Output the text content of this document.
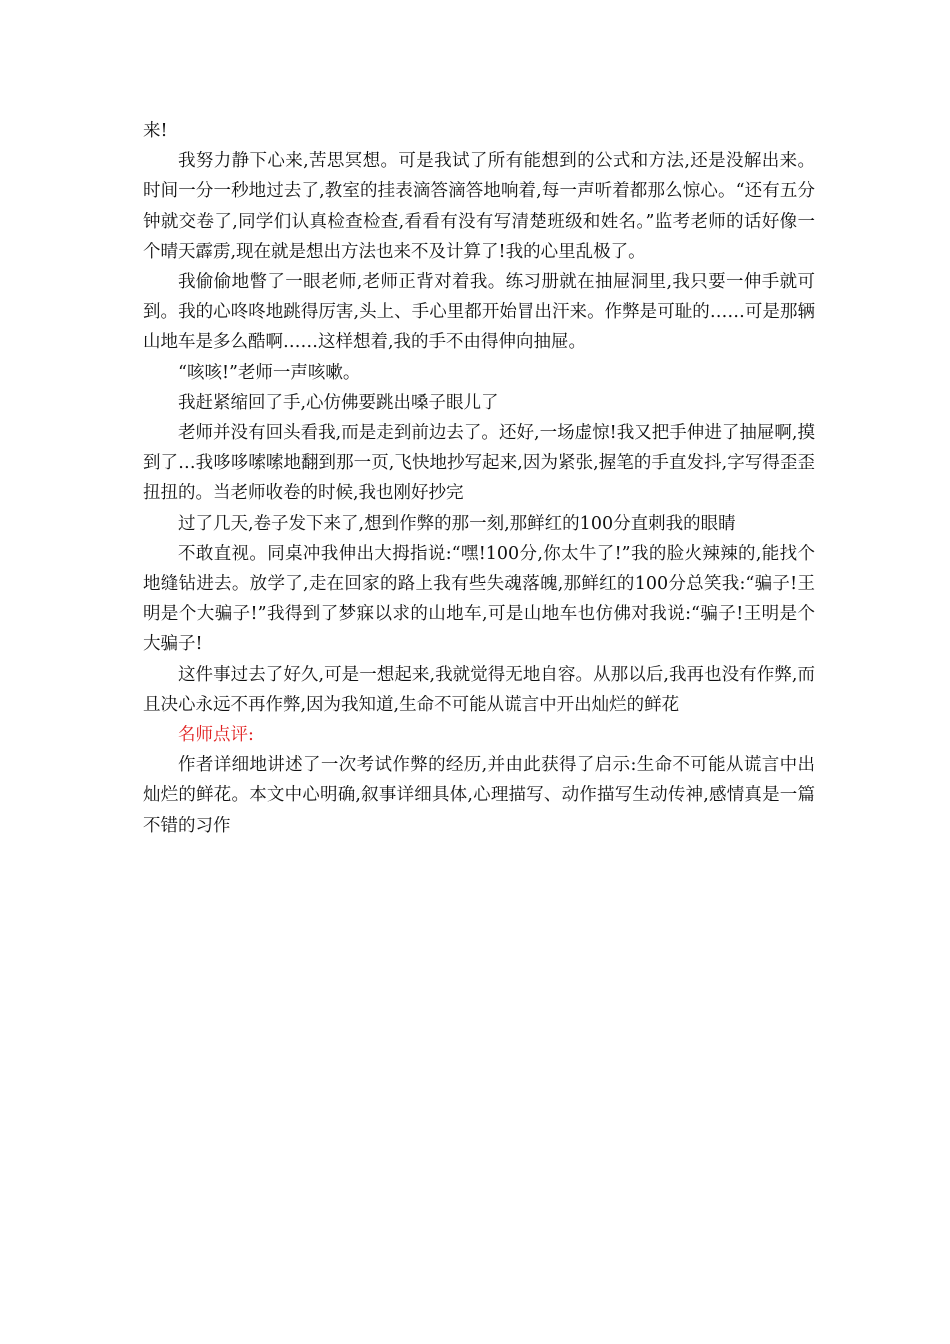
来!

我努力静下心来,苦思冥想。可是我试了所有能想到的公式和方法,还是没解出来。时间一分一秒地过去了,教室的挂表滴答滴答地响着,每一声听着都那么惊心。“还有五分钟就交卷了,同学们认真检查检查,看看有没有写清楚班级和姓名。”监考老师的话好像一个晴天霹雳,现在就是想出方法也来不及计算了!我的心里乱极了。

我偷偷地瞥了一眼老师,老师正背对着我。练习册就在抽屉洞里,我只要一伸手就可到。我的心咚咚地跳得厉害,头上、手心里都开始冒出汗来。作弊是可耻的……可是那辆山地车是多么酷啊……这样想着,我的手不由得伸向抽屉。

“咳咳!”老师一声咳嗽。

我赶紧缩回了手,心仿佛要跳出嗓子眼儿了

老师并没有回头看我,而是走到前边去了。还好,一场虚惊!我又把手伸进了抽屉啊,摸到了…我哆哆嗦嗦地翻到那一页,飞快地抄写起来,因为紧张,握笔的手直发抖,字写得歪歪扭扭的。当老师收卷的时候,我也刚好抄完

过了几天,卷子发下来了,想到作弊的那一刻,那鲜红的100分直刺我的眼睛

不敢直视。同桌冲我伸出大拇指说:“嘿!100分,你太牛了!”我的脸火辣辣的,能找个地缝钻进去。放学了,走在回家的路上我有些失魂落魄,那鲜红的100分总笑我:“骗子!王明是个大骗子!”我得到了梦寐以求的山地车,可是山地车也仿佛对我说:“骗子!王明是个大骗子!

这件事过去了好久,可是一想起来,我就觉得无地自容。从那以后,我再也没有作弊,而且决心永远不再作弊,因为我知道,生命不可能从谎言中开出灿烂的鲜花

名师点评:

作者详细地讲述了一次考试作弊的经历,并由此获得了启示:生命不可能从谎言中出灿烂的鲜花。本文中心明确,叙事详细具体,心理描写、动作描写生动传神,感情真是一篇不错的习作
